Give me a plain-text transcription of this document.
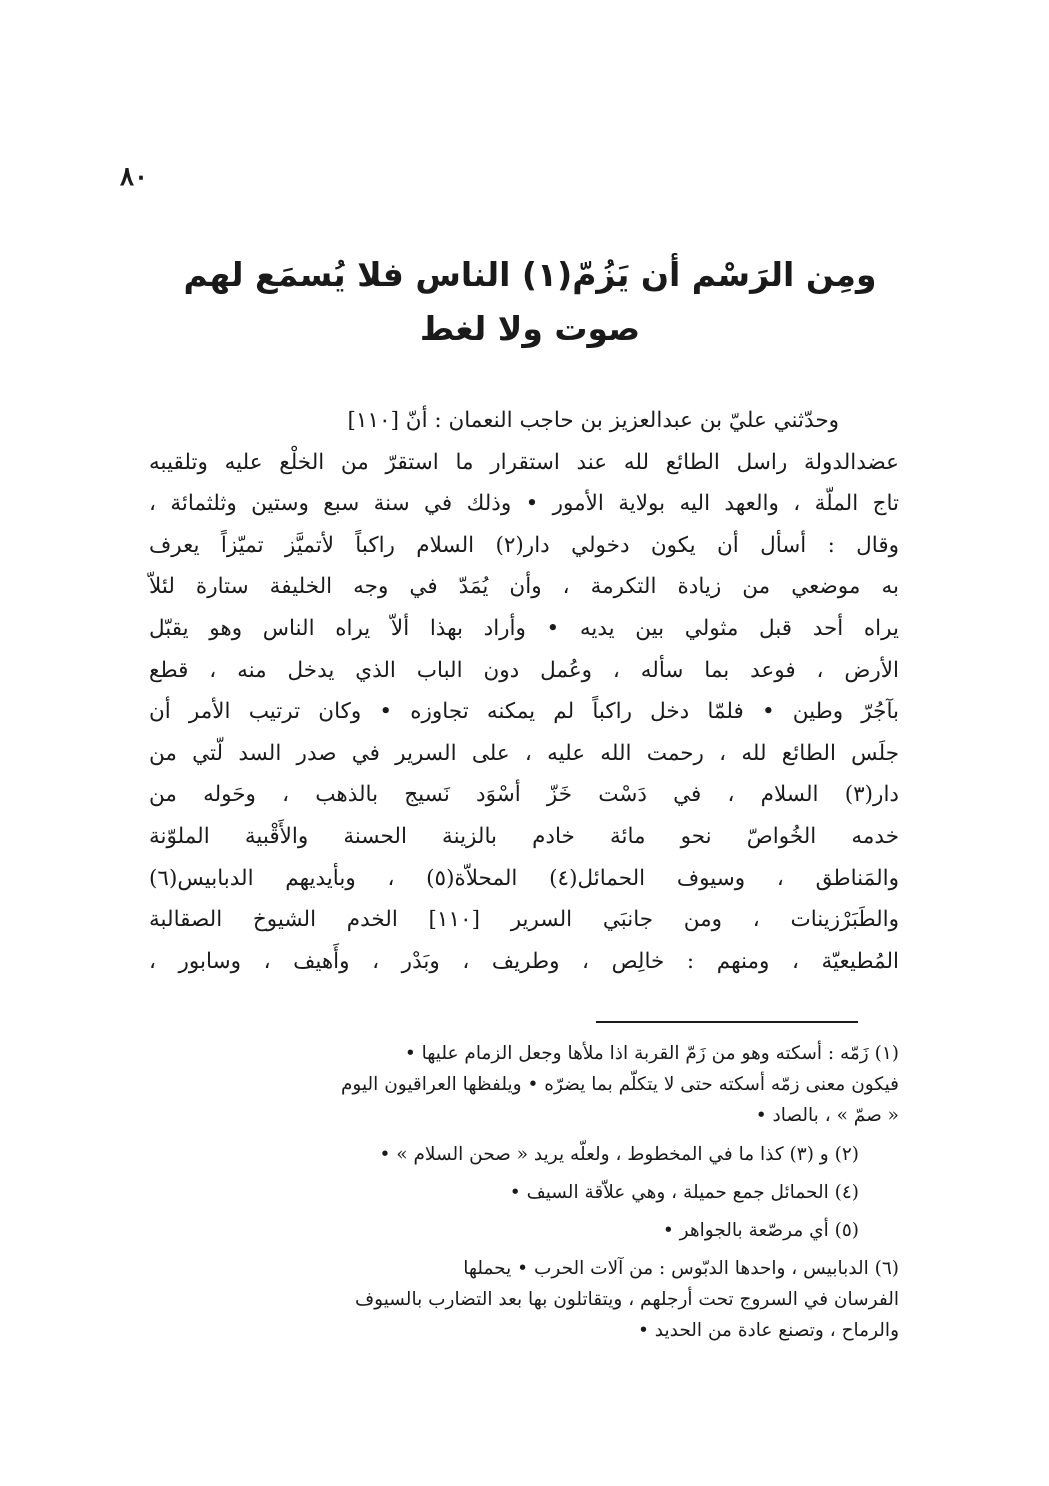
٨٠
ومِن الرَسْم أن يَزُمّ(١) الناس فلا يُسمَع لهم
صوت ولا لغط
وحدّثني عليّ بن عبدالعزيز بن حاجب النعمان : أنّ [١١٠]
عضدالدولة راسل الطائع لله عند استقرار ما استقرّ من الخلْع عليه وتلقيبه
تاج الملّة ، والعهد اليه بولاية الأمور • وذلك في سنة سبع وستين وثلثمائة ،
وقال : أسأل أن يكون دخولي دار(٢) السلام راكباً لأتميَّز تميّزاً يعرف
به موضعي من زيادة التكرمة ، وأن يُمَدّ في وجه الخليفة ستارة لئلاّ
يراه أحد قبل مثولي بين يديه • وأراد بهذا ألاّ يراه الناس وهو يقبّل
الأرض ، فوعد بما سأله ، وعُمل دون الباب الذي يدخل منه ، قطع
بآجُرّ وطين • فلمّا دخل راكباً لم يمكنه تجاوزه • وكان ترتيب الأمر أن
جلَس الطائع لله ، رحمت الله عليه ، على السرير في صدر السد لّتي من
دار(٣) السلام ، في دَسْت خَزّ أسْوَد نَسيج بالذهب ، وحَوله من
خدمه الخُواصّ نحو مائة خادم بالزينة الحسنة والأَقْبية الملوّنة
والمَناطق ، وسيوف الحمائل(٤) المحلاّة(٥) ، وبأيديهم الدبابيس(٦)
والطَبَرْزينات ، ومن جانبَي السرير [١١٠] الخدم الشيوخ الصقالبة
المُطيعيّة ، ومنهم : خالِص ، وطريف ، وبَدْر ، وأَهيف ، وسابور ،
(١) زَمّه : أسكته وهو من زَمّ القربة اذا ملأها وجعل الزمام عليها •
فيكون معنى زمّه أسكته حتى لا يتكلّم بما يضرّه • ويلفظها العراقيون اليوم
« صمّ » ، بالصاد •
(٢) و (٣) كذا ما في المخطوط ، ولعلّه يريد « صحن السلام » •
(٤) الحمائل جمع حميلة ، وهي علاّقة السيف •
(٥) أي مرصّعة بالجواهر •
(٦) الدبابيس ، واحدها الدبّوس : من آلات الحرب • يحملها
الفرسان في السروج تحت أرجلهم ، ويتقاتلون بها بعد التضارب بالسيوف
والرماح ، وتصنع عادة من الحديد •
